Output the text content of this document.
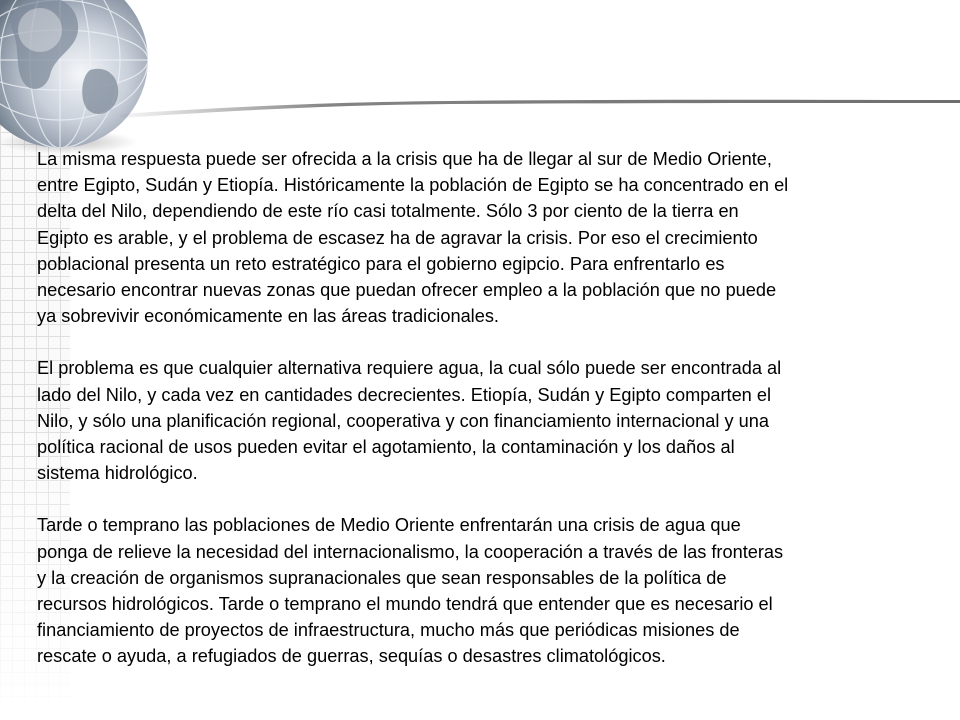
La misma respuesta puede ser ofrecida a la crisis que ha de llegar al sur de Medio Oriente,
entre Egipto, Sudán y Etiopía. Históricamente la población de Egipto se ha concentrado en el
delta del Nilo, dependiendo de este río casi totalmente. Sólo 3 por ciento de la tierra en
Egipto es arable, y el problema de escasez ha de agravar la crisis. Por eso el crecimiento
poblacional presenta un reto estratégico para el gobierno egipcio. Para enfrentarlo es
necesario encontrar nuevas zonas que puedan ofrecer empleo a la población que no puede
ya sobrevivir económicamente en las áreas tradicionales.

El problema es que cualquier alternativa requiere agua, la cual sólo puede ser encontrada al
lado del Nilo, y cada vez en cantidades decrecientes. Etiopía, Sudán y Egipto comparten el
Nilo, y sólo una planificación regional, cooperativa y con financiamiento internacional y una
política racional de usos pueden evitar el agotamiento, la contaminación y los daños al
sistema hidrológico.

Tarde o temprano las poblaciones de Medio Oriente enfrentarán una crisis de agua que
ponga de relieve la necesidad del internacionalismo, la cooperación a través de las fronteras
y la creación de organismos supranacionales que sean responsables de la política de
recursos hidrológicos. Tarde o temprano el mundo tendrá que entender que es necesario el
financiamiento de proyectos de infraestructura, mucho más que periódicas misiones de
rescate o ayuda, a refugiados de guerras, sequías o desastres climatológicos.
